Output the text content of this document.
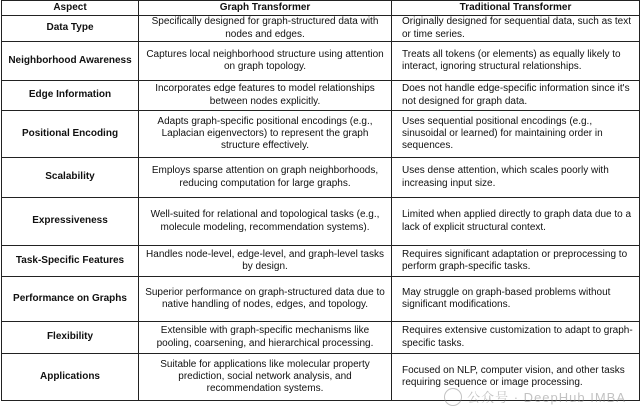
Aspect	Graph Transformer	Traditional Transformer
Data Type	Specifically designed for graph-structured data with nodes and edges.	Originally designed for sequential data, such as text or time series.
Neighborhood Awareness	Captures local neighborhood structure using attention on graph topology.	Treats all tokens (or elements) as equally likely to interact, ignoring structural relationships.
Edge Information	Incorporates edge features to model relationships between nodes explicitly.	Does not handle edge-specific information since it's not designed for graph data.
Positional Encoding	Adapts graph-specific positional encodings (e.g., Laplacian eigenvectors) to represent the graph structure effectively.	Uses sequential positional encodings (e.g., sinusoidal or learned) for maintaining order in sequences.
Scalability	Employs sparse attention on graph neighborhoods, reducing computation for large graphs.	Uses dense attention, which scales poorly with increasing input size.
Expressiveness	Well-suited for relational and topological tasks (e.g., molecule modeling, recommendation systems).	Limited when applied directly to graph data due to a lack of explicit structural context.
Task-Specific Features	Handles node-level, edge-level, and graph-level tasks by design.	Requires significant adaptation or preprocessing to perform graph-specific tasks.
Performance on Graphs	Superior performance on graph-structured data due to native handling of nodes, edges, and topology.	May struggle on graph-based problems without significant modifications.
Flexibility	Extensible with graph-specific mechanisms like pooling, coarsening, and hierarchical processing.	Requires extensive customization to adapt to graph-specific tasks.
Applications	Suitable for applications like molecular property prediction, social network analysis, and recommendation systems.	Focused on NLP, computer vision, and other tasks requiring sequence or image processing.
公众号 · DeepHub IMBA
